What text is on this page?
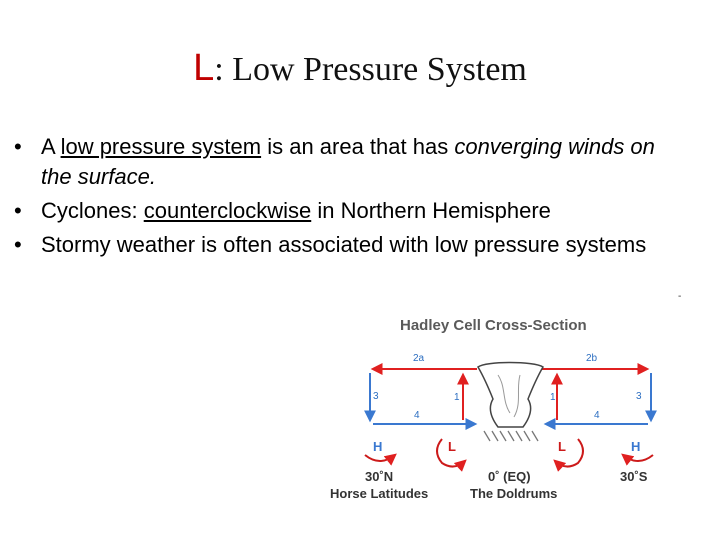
L: Low Pressure System
• A low pressure system is an area that has converging winds on the surface.
• Cyclones: counterclockwise in Northern Hemisphere
• Stormy weather is often associated with low pressure systems
-
Hadley Cell Cross-Section
2a	2b
3	3
4	4
1	1
H	L	L	H
30˚N	0˚ (EQ)	30˚S
Horse Latitudes	The Doldrums
